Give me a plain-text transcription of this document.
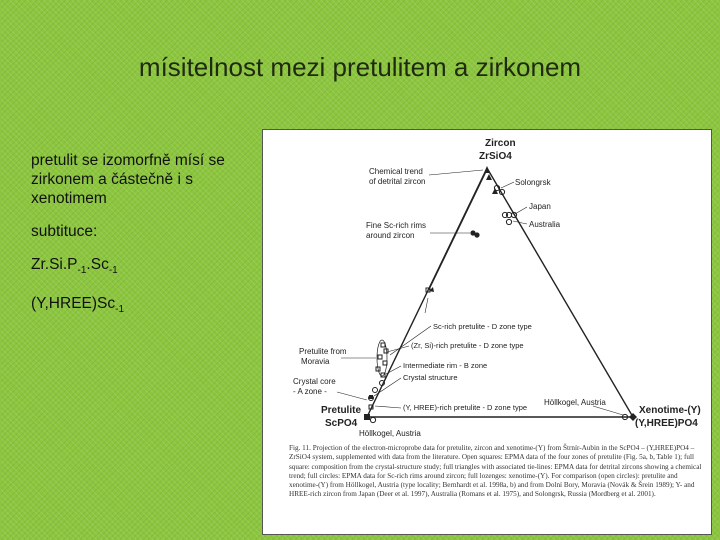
mísitelnost mezi pretulitem a zirkonem

pretulit se izomorfně mísí se zirkonem a částečně i s xenotimem

subtituce:

$Zr.Si.P_{-1}.Sc_{-1}$

$(Y,HREE)Sc_{-1}$

Zircon
ZrSiO4
Pretulite
ScPO4
Xenotime-(Y)
(Y,HREE)PO4
Chemical trend
of detrital zircon	Solongrsk
Japan
Australia
Fine Sc-rich rims
around zircon
Sc-rich pretulite - D zone type
(Zr, Si)-rich pretulite - D zone type
Pretulite from
Moravia	Intermediate rim - B zone
Crystal structure
Crystal core
- A zone -
(Y, HREE)-rich pretulite - D zone type
Höllkogel, Austria
Höllkogel, Austria
Fig. 11. Projection of the electron-microprobe data for pretulite, zircon and xenotime-(Y) from Štrnír-Aubin in the ScPO4 – (Y,HREE)PO4 – ZrSiO4 system, supplemented with data from the literature. Open squares: EPMA data of the four zones of pretulite (Fig. 5a, b, Table 1); full square: composition from the crystal-structure study; full triangles with associated tie-lines: EPMA data for detrital zircons showing a chemical trend; full circles: EPMA data for Sc-rich rims around zircon; full lozenges: xenotime-(Y). For comparison (open circles): pretulite and xenotime-(Y) from Höllkogel, Austria (type locality; Bernhardt et al. 1998a, b) and from Dolní Bory, Moravia (Novák & Šrein 1989); Y- and HREE-rich zircon from Japan (Deer et al. 1997), Australia (Romans et al. 1975), and Solongrsk, Russia (Mordberg et al. 2001).
